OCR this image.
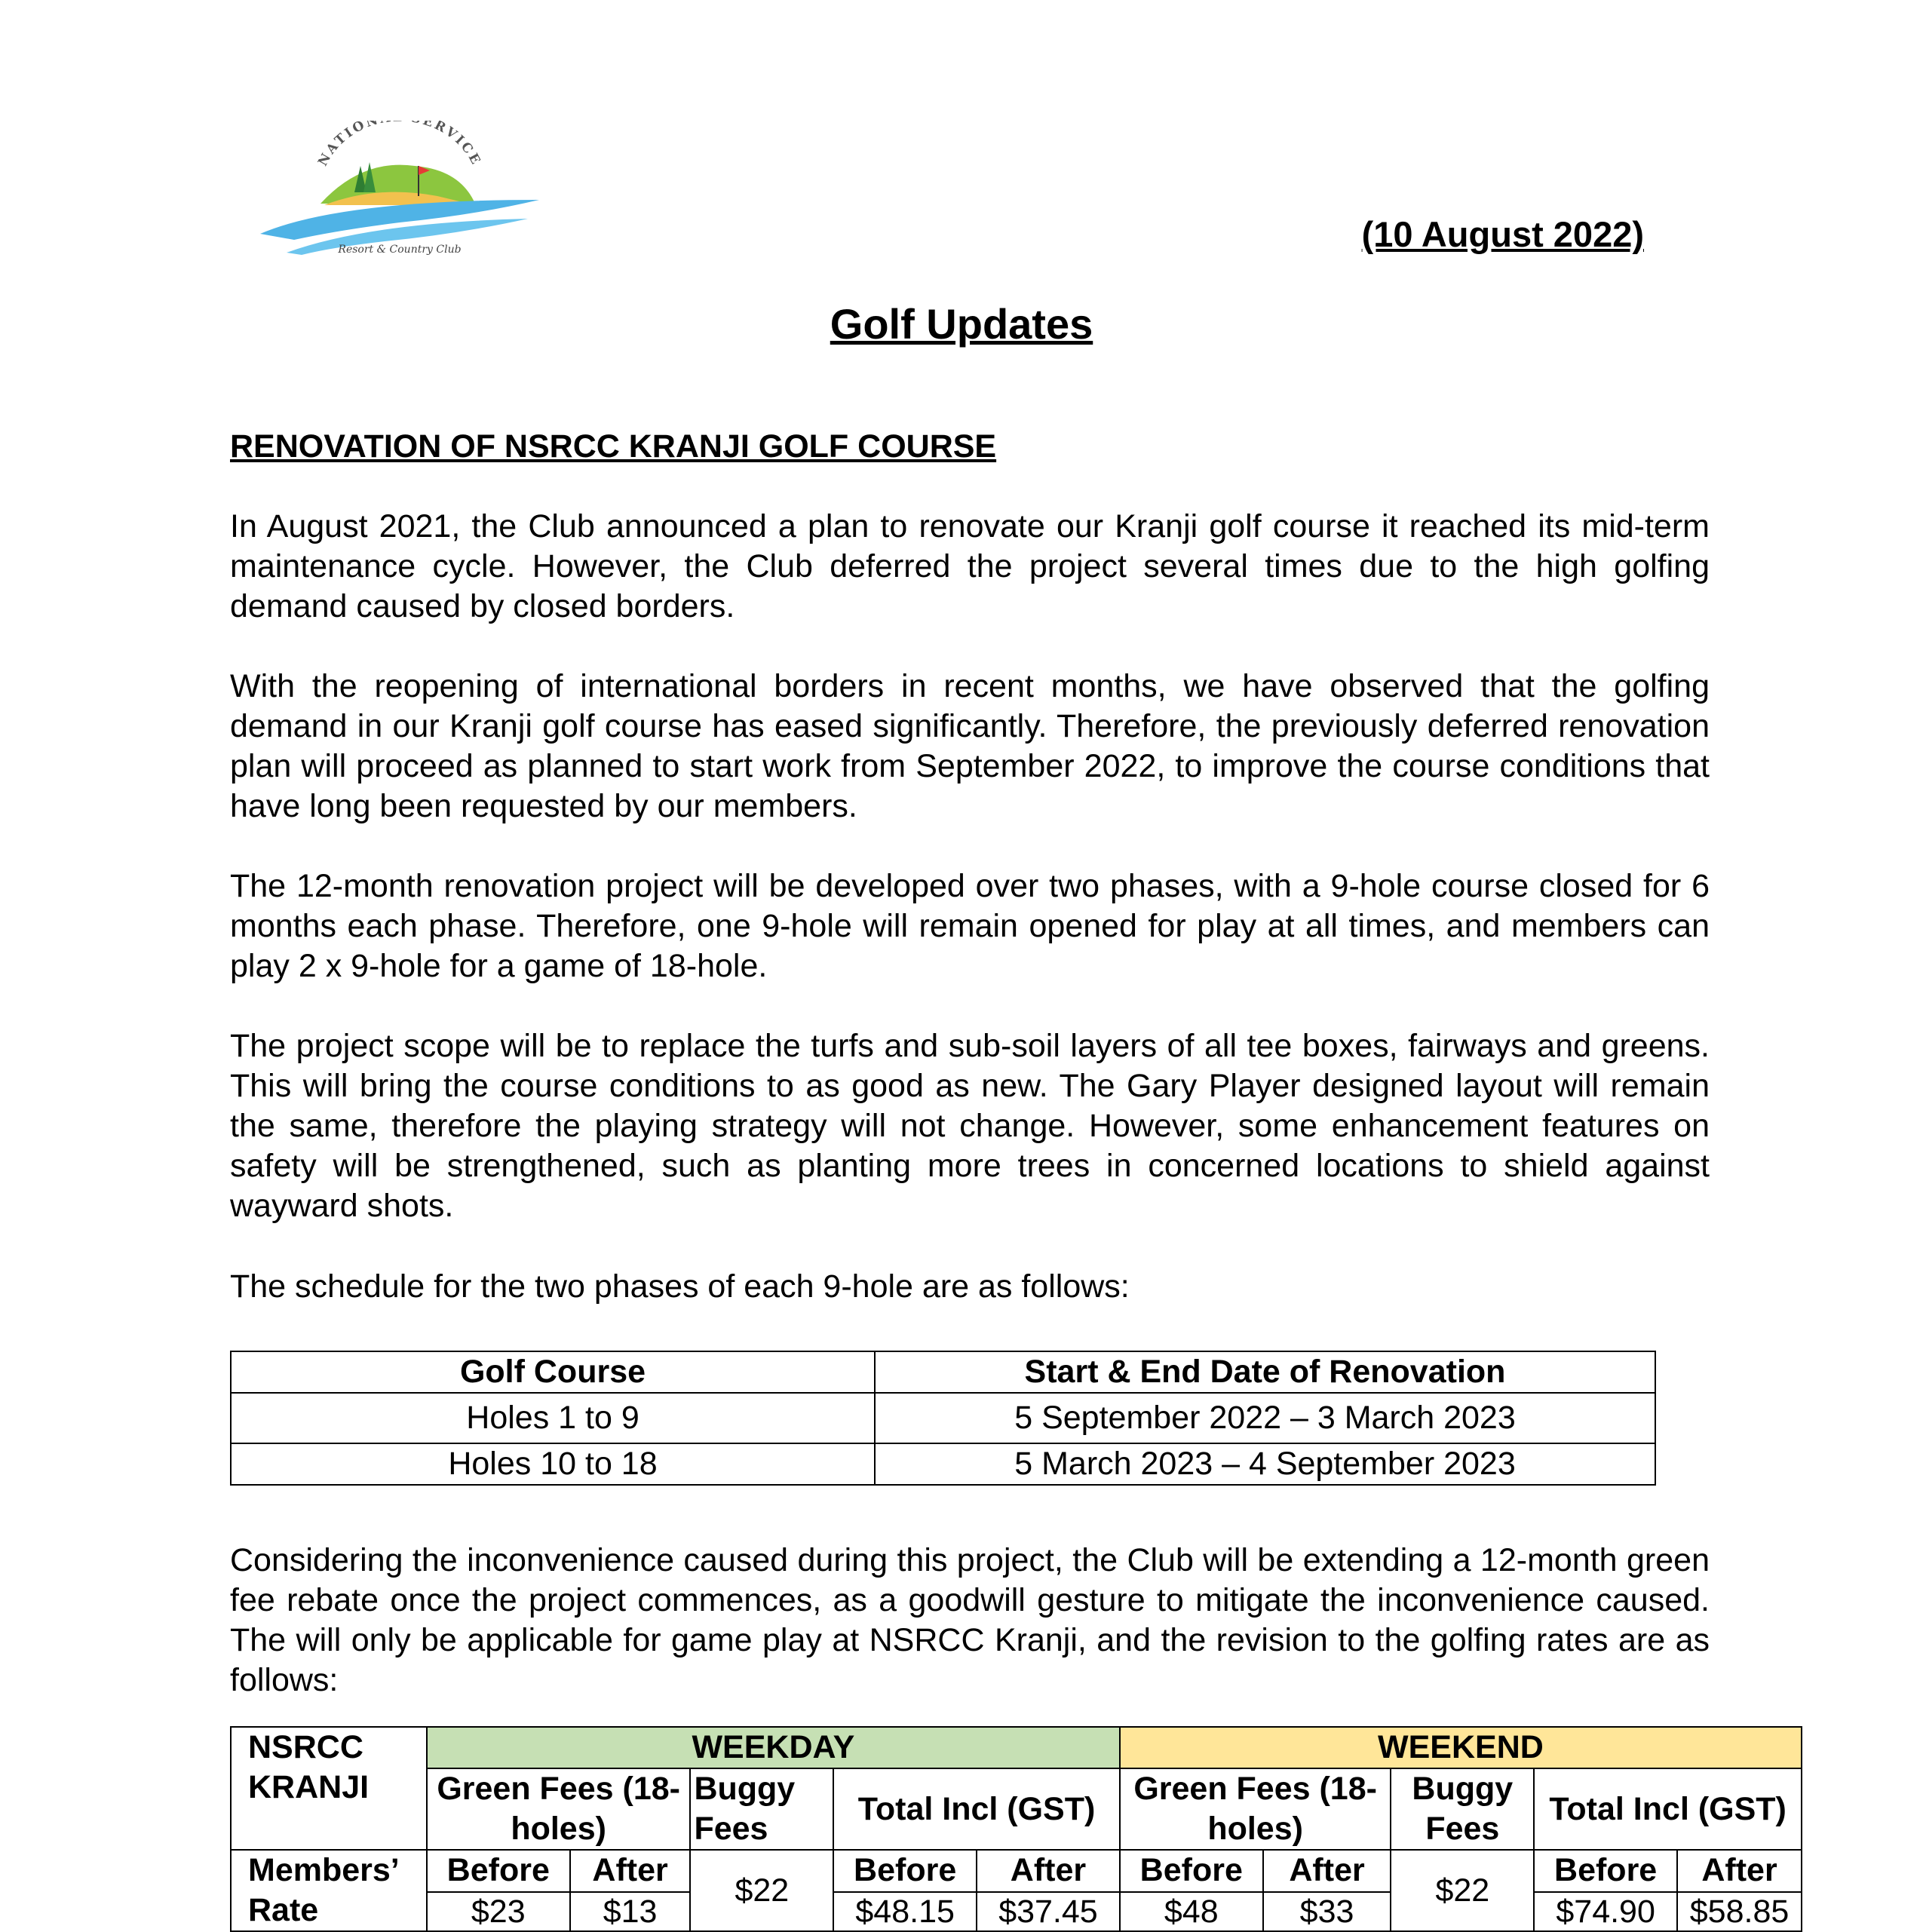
NATION ERVICE
Resort & Country Club	(10 August 2022)
Golf Updates
RENOVATION OF NSRCC KRANJI GOLF COURSE

In August 2021, the Club announced a plan to renovate our Kranji golf course it reached its mid-term maintenance cycle. However, the Club deferred the project several times due to the high golfing demand caused by closed borders.

With the reopening of international borders in recent months, we have observed that the golfing demand in our Kranji golf course has eased significantly. Therefore, the previously deferred renovation plan will proceed as planned to start work from September 2022, to improve the course conditions that have long been requested by our members.

The 12-month renovation project will be developed over two phases, with a 9-hole course closed for 6 months each phase. Therefore, one 9-hole will remain opened for play at all times, and members can play 2 x 9-hole for a game of 18-hole.

The project scope will be to replace the turfs and sub-soil layers of all tee boxes, fairways and greens. This will bring the course conditions to as good as new. The Gary Player designed layout will remain the same, therefore the playing strategy will not change. However, some enhancement features on safety will be strengthened, such as planting more trees in concerned locations to shield against wayward shots.

The schedule for the two phases of each 9-hole are as follows:

Golf Course	Start & End Date of Renovation
Holes 1 to 9	5 September 2022 – 3 March 2023
Holes 10 to 18	5 March 2023 – 4 September 2023

Considering the inconvenience caused during this project, the Club will be extending a 12-month green fee rebate once the project commences, as a goodwill gesture to mitigate the inconvenience caused. The will only be applicable for game play at NSRCC Kranji, and the revision to the golfing rates are as follows:

NSRCC KRANJI	WEEKDAY					WEEKEND				
	Green Fees (18-holes)		Buggy Fees	Total Incl (GST)		Green Fees (18-holes)		Buggy Fees	Total Incl (GST)	
Members’ Rate	Before	After	$22	Before	After	Before	After	$22	Before	After
	$23	$13		$48.15	$37.45	$48	$33		$74.90	$58.85
